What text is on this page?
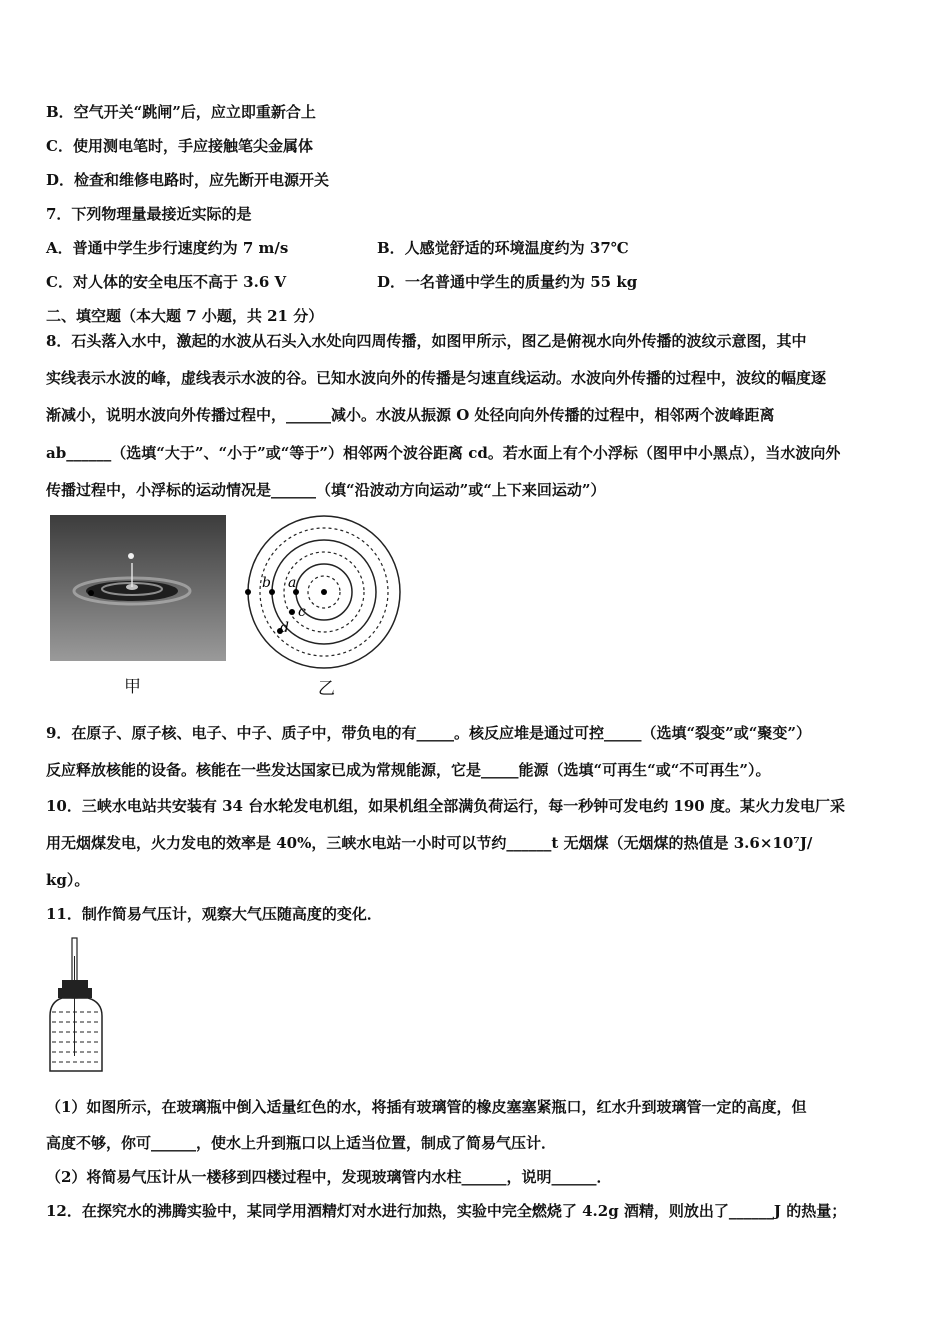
B．空气开关“跳闸”后，应立即重新合上
C．使用测电笔时，手应接触笔尖金属体
D．检查和维修电路时，应先断开电源开关
7．下列物理量最接近实际的是
A．普通中学生步行速度约为 7 m/s	B．人感觉舒适的环境温度约为 37℃
C．对人体的安全电压不高于 3.6 V	D．一名普通中学生的质量约为 55 kg
二、填空题（本大题 7 小题，共 21 分）
8．石头落入水中，激起的水波从石头入水处向四周传播，如图甲所示，图乙是俯视水向外传播的波纹示意图，其中
实线表示水波的峰，虚线表示水波的谷。已知水波向外的传播是匀速直线运动。水波向外传播的过程中，波纹的幅度逐
渐减小，说明水波向外传播过程中，______减小。水波从振源 O 处径向向外传播的过程中，相邻两个波峰距离
ab______（选填“大于”、“小于”或“等于”）相邻两个波谷距离 cd。若水面上有个小浮标（图甲中小黑点），当水波向外
传播过程中，小浮标的运动情况是______（填“沿波动方向运动”或“上下来回运动”）
甲
b a
c
d
乙
9．在原子、原子核、电子、中子、质子中，带负电的有_____。核反应堆是通过可控_____（选填“裂变”或“聚变”）
反应释放核能的设备。核能在一些发达国家已成为常规能源，它是_____能源（选填“可再生“或“不可再生”）。
10．三峡水电站共安装有 34 台水轮发电机组，如果机组全部满负荷运行，每一秒钟可发电约 190 度。某火力发电厂采
用无烟煤发电，火力发电的效率是 40%，三峡水电站一小时可以节约______t 无烟煤（无烟煤的热值是 3.6×10⁷J/
kg）。
11．制作简易气压计，观察大气压随高度的变化．
（1）如图所示，在玻璃瓶中倒入适量红色的水，将插有玻璃管的橡皮塞塞紧瓶口，红水升到玻璃管一定的高度，但
高度不够，你可______，使水上升到瓶口以上适当位置，制成了简易气压计．
（2）将简易气压计从一楼移到四楼过程中，发现玻璃管内水柱______，说明______．
12．在探究水的沸腾实验中，某同学用酒精灯对水进行加热，实验中完全燃烧了 4.2g 酒精，则放出了______J 的热量；
